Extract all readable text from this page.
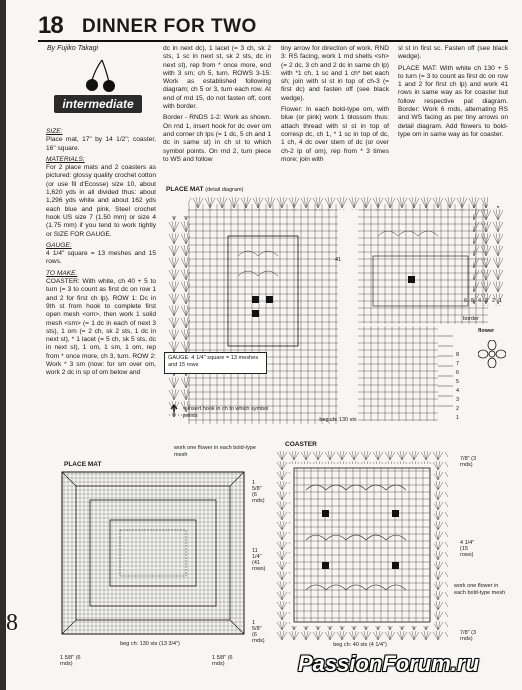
18 DINNER FOR TWO
By Fujiko Takagi
intermediate

SIZE:
Place mat, 17" by 14 1/2"; coaster, 16" square.

MATERIALS:
For 2 place mats and 2 coasters as pictured: glossy quality crochet cotton (or use fil d'Ecosse) size 10, about 1,620 yds in all divided thus: about 1,296 yds white and about 162 yds each blue and pink. Steel crochet hook US size 7 (1.50 mm) or size 4 (1.75 mm) if you tend to work tightly or SIZE FOR GAUGE.

GAUGE:
4 1/4" square = 13 meshes and 15 rows.

TO MAKE.
COASTER: With white, ch 40 + 5 to turn (= 3 to count as first dc on row 1 and 2 for first ch lp). ROW 1: Dc in 9th st from hook to complete first open mesh <om>, then work 1 solid mesh <sm> (= 1 dc in each of next 3 sts), 1 om (= 2 ch, sk 2 sts, 1 dc in next st), * 1 lacet (= 5 ch, sk 5 sts, dc in next st), 1 om, 1 sm, 1 om, rep from * once more, ch 3, turn. ROW 2: Work * 3 sm (now: for sm over om, work 2 dc in sp of om below and

dc in next dc), 1 lacet (= 3 ch, sk 2 sts, 1 sc in next st, sk 2 sts, dc in next st), rep from * once more, end with 3 sm; ch 5, turn. ROWS 3-15: Work as established following diagram; ch 5 or 3, turn each row. At end of rnd 15, do not fasten off, cont with border.

Border - RNDS 1-2: Work as shown. On rnd 1, insert hook for dc over om and corner ch lps (= 1 dc, 5 ch and 1 dc in same st) in ch st to which symbol points. On rnd 2, turn piece to WS and follow

tiny arrow for direction of work. RND 3: RS facing, work 1 rnd shells <sh> (= 2 dc, 3 ch and 2 dc in same ch lp) with *1 ch, 1 sc and 1 ch* bet each sh; join with sl st in top of ch-3 (= first dc) and fasten off (see black wedge).

Flower: In each bold-type om, with blue (or pink) work 1 blossom thus: attach thread with sl st in top of corresp dc, ch 1, * 1 sc in top of dc, 1 ch, 4 dc over stem of dc (or over ch-2 lp of om), rep from * 3 times more; join with

sl st in first sc. Fasten off (see black wedge).

PLACE MAT: With white ch 130 + 5 to turn (= 3 to count as first dc on row 1 and 2 for first ch lp) and work 41 rows in same way as for coaster but follow respective pat diagram. Border: Work 6 rnds, alternating RS and WS facing as per tiny arrows on detail diagram. Add flowers to bold-type om in same way as for coaster.

PLACE MAT (detail diagram)
41
border
flower
GAUGE: 4 1/4" square = 13 meshes and 15 rows
= insert hook in ch to which symbol points
beg ch: 130 sts
PLACE MAT
work one flower in each bold-type mesh
1 5/8" (6 rnds)
11 1/4" (41 rows)
1 5/8" (6 rnds)
beg ch: 130 sts (13 3/4")
1 5/8" (6 rnds)
1 5/8" (6 rnds)
COASTER
7/8" (3 rnds)
4 1/4" (15 rows)
work one flower in each bold-type mesh
7/8" (3 rnds)
beg ch: 40 sts (4 1/4")
8
PassionForum.ru
6 5 4 3 2 1
8
7
6
5
4
3
2
1
